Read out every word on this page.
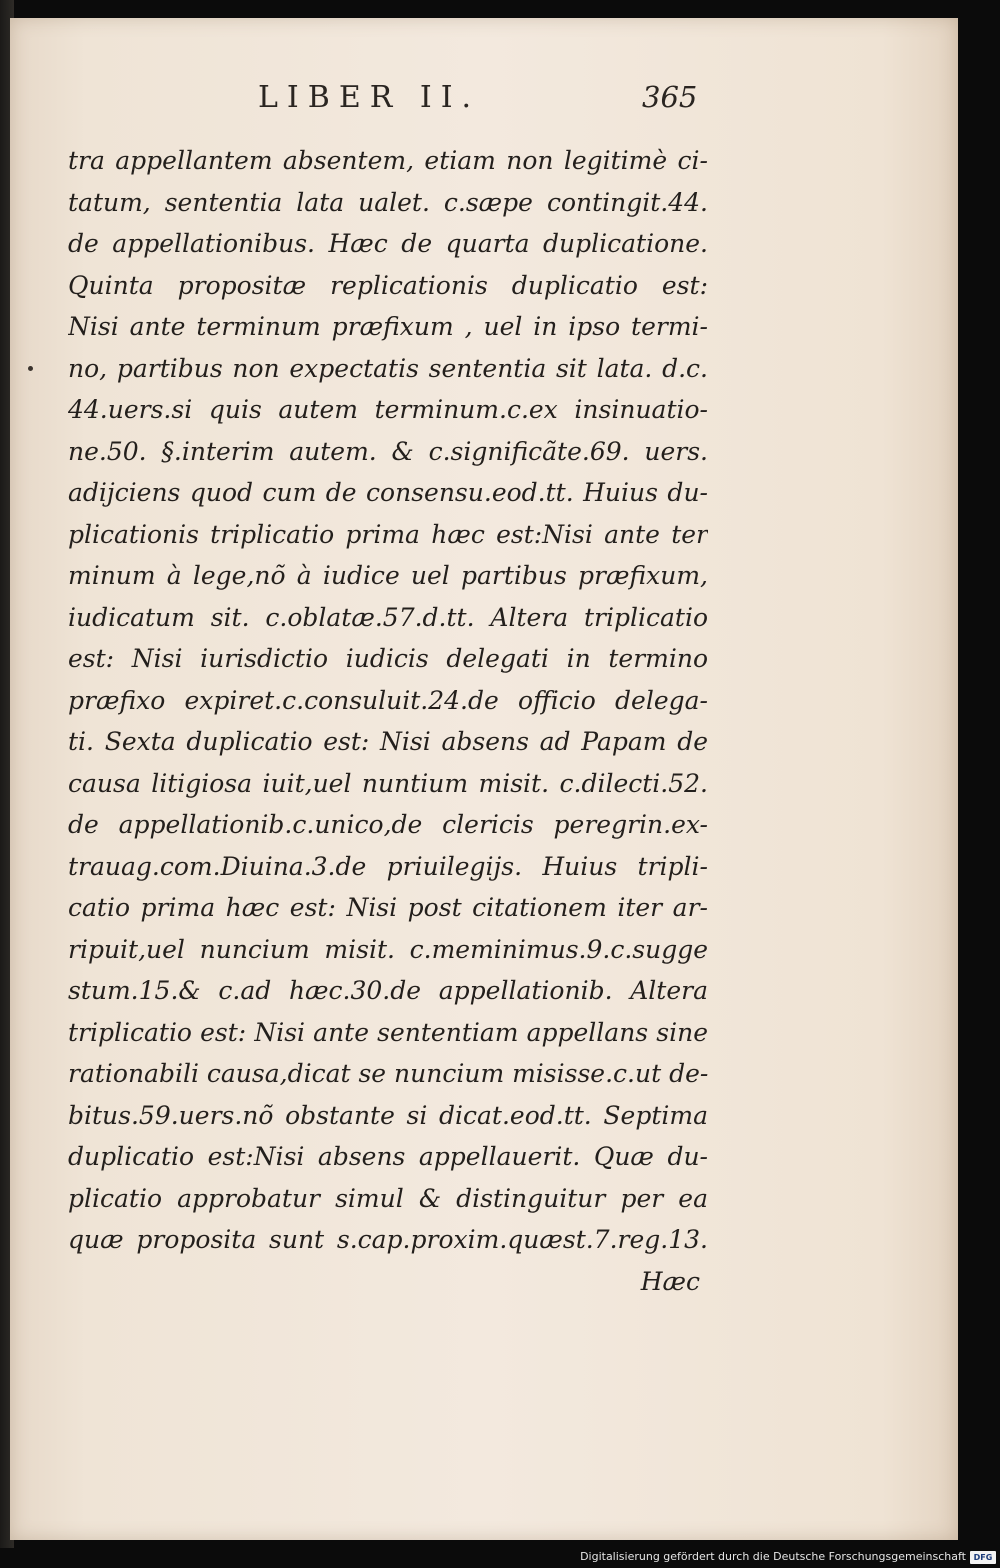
LIBER II.	365
tra appellantem absentem, etiam non legitimè ci-
tatum, sententia lata ualet. c.sæpe contingit.44.
de appellationibus. Hæc de quarta duplicatione.
Quinta propositæ replicationis duplicatio est:
Nisi ante terminum præfixum , uel in ipso termi-
no, partibus non expectatis sententia sit lata. d.c.
44.uers.si quis autem terminum.c.ex insinuatio-
ne.50. §.interim autem. & c.significãte.69. uers.
adijciens quod cum de consensu.eod.tt. Huius du-
plicationis triplicatio prima hæc est:Nisi ante ter
minum à lege,nõ à iudice uel partibus præfixum,
iudicatum sit. c.oblatæ.57.d.tt. Altera triplicatio
est: Nisi iurisdictio iudicis delegati in termino
præfixo expiret.c.consuluit.24.de officio delega-
ti. Sexta duplicatio est: Nisi absens ad Papam de
causa litigiosa iuit,uel nuntium misit. c.dilecti.52.
de appellationib.c.unico,de clericis peregrin.ex-
trauag.com.Diuina.3.de priuilegijs. Huius tripli-
catio prima hæc est: Nisi post citationem iter ar-
ripuit,uel nuncium misit. c.meminimus.9.c.sugge
stum.15.& c.ad hæc.30.de appellationib. Altera
triplicatio est: Nisi ante sententiam appellans sine
rationabili causa,dicat se nuncium misisse.c.ut de-
bitus.59.uers.nõ obstante si dicat.eod.tt. Septima
duplicatio est:Nisi absens appellauerit. Quæ du-
plicatio approbatur simul & distinguitur per ea
quæ proposita sunt s.cap.proxim.quæst.7.reg.13.
Hæc
Digitalisierung gefördert durch die Deutsche Forschungsgemeinschaft DFG
